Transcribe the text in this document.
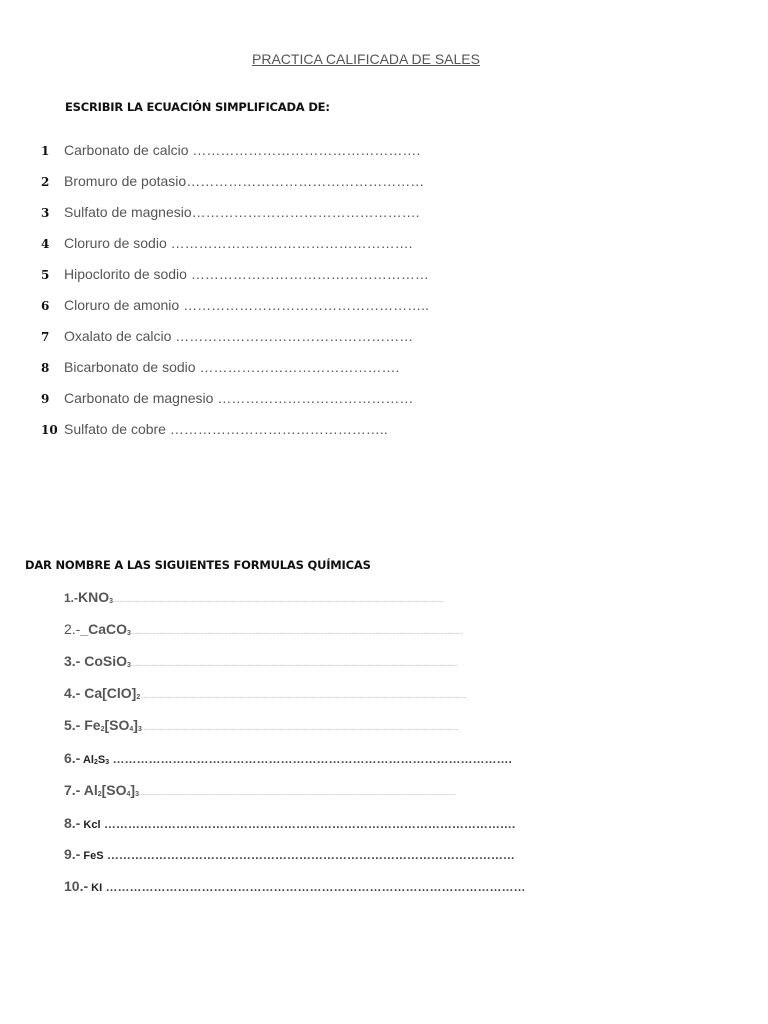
PRACTICA CALIFICADA DE SALES
ESCRIBIR LA ECUACIÓN SIMPLIFICADA DE:
1	Carbonato de calcio ………………………………………….
2	Bromuro de potasio……………………………………………
3	Sulfato de magnesio………………………………………….
4	Cloruro de sodio …………………………………………….
5	Hipoclorito de sodio ……………………………………………
6	Cloruro de amonio ……………………………………………..
7	Oxalato de calcio ……………………………………………
8	Bicarbonato de sodio …………………………………….
9	Carbonato de magnesio ……………………………………
10 Sulfato de cobre ………………………………………..
DAR NOMBRE A LAS SIGUIENTES FORMULAS QUÍMICAS
$1.-KNO_3\dots\dots\dots\dots\dots\dots\dots\dots\dots\dots\dots\dots\dots\dots\dots\dots\dots\dots\dots\dots\dots\dots\dots\dots\dots\dots\dots\dots\dots\dots\dots\dots\dots\dots\dots\dots\dots\dots\dots\dots\dots\dots\dots\dots\dots\dots\dots\dots\dots\dots\dots\dots\dots\dots\dots\dots\dots\dots\dots\dots\dots\dots\dots\dots\dots\dots\dots\dots\dots$
2.-_CaCO$_3$………………………………………………………………………………………………………………………………………………………………………………………
3.- CoSiO$_3$……………………………………………………………………………………………………………………………………………………………………………………
4.- $Ca[ClO]_2\dots\dots\dots\dots\dots\dots\dots\dots\dots\dots\dots\dots\dots\dots\dots\dots\dots\dots\dots\dots\dots\dots\dots\dots\dots\dots\dots\dots\dots\dots\dots\dots\dots\dots\dots\dots\dots\dots\dots\dots\dots\dots\dots\dots\dots\dots\dots\dots\dots\dots\dots\dots\dots\dots\dots\dots\dots\dots\dots\dots\dots\dots\dots\dots\dots\dots\dots\dots$
5.- $Fe_2[SO_4]_3\dots\dots\dots\dots\dots\dots\dots\dots\dots\dots\dots\dots\dots\dots\dots\dots\dots\dots\dots\dots\dots\dots\dots\dots\dots\dots\dots\dots\dots\dots\dots\dots\dots\dots\dots\dots\dots\dots\dots\dots\dots\dots\dots\dots\dots\dots\dots\dots\dots\dots\dots\dots\dots\dots\dots\dots\dots\dots\dots\dots\dots\dots\dots\dots\dots\dots$
6.- $Al_2S_3$ ……………………………………………………………………………………….
7.- $Al_2[SO_4]_3\dots\dots\dots\dots\dots\dots\dots\dots\dots\dots\dots\dots\dots\dots\dots\dots\dots\dots\dots\dots\dots\dots\dots\dots\dots\dots\dots\dots\dots\dots\dots\dots\dots\dots\dots\dots\dots\dots\dots\dots\dots\dots\dots\dots\dots\dots\dots\dots\dots\dots\dots\dots\dots\dots\dots\dots\dots\dots\dots\dots\dots\dots\dots\dots\dots\dots$
8.- Kcl ………………………………………………………………………………………….
9.- FeS …………………………………………………………………………………………
10.- KI ……………………………………………………………………………………………
